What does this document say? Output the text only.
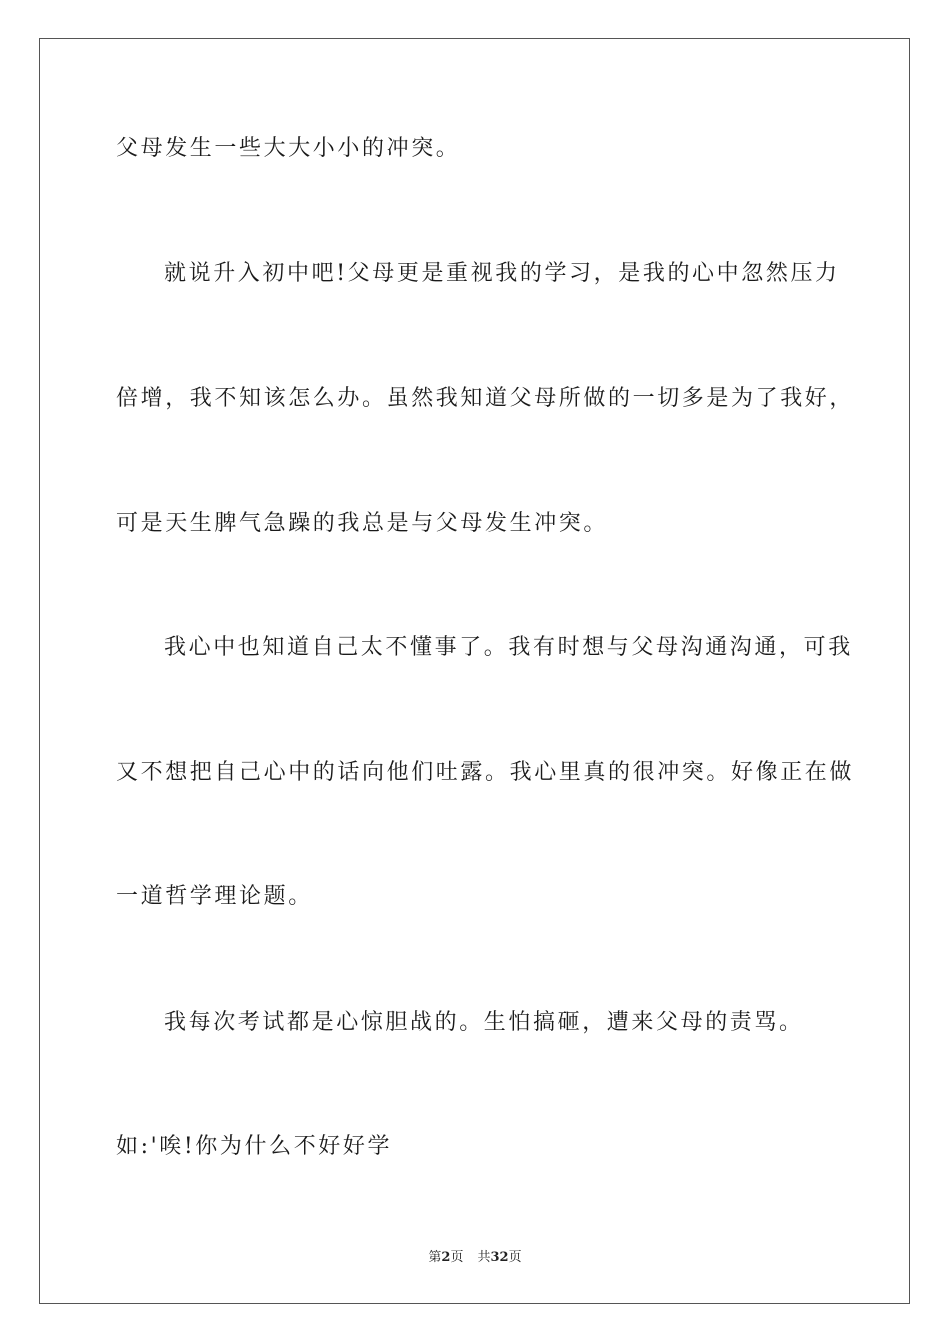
父母发生一些大大小小的冲突。
就说升入初中吧!父母更是重视我的学习，是我的心中忽然压力
倍增，我不知该怎么办。虽然我知道父母所做的一切多是为了我好，
可是天生脾气急躁的我总是与父母发生冲突。
我心中也知道自己太不懂事了。我有时想与父母沟通沟通，可我
又不想把自己心中的话向他们吐露。我心里真的很冲突。好像正在做
一道哲学理论题。
我每次考试都是心惊胆战的。生怕搞砸，遭来父母的责骂。
如:'唉!你为什么不好好学
第2页 共32页
